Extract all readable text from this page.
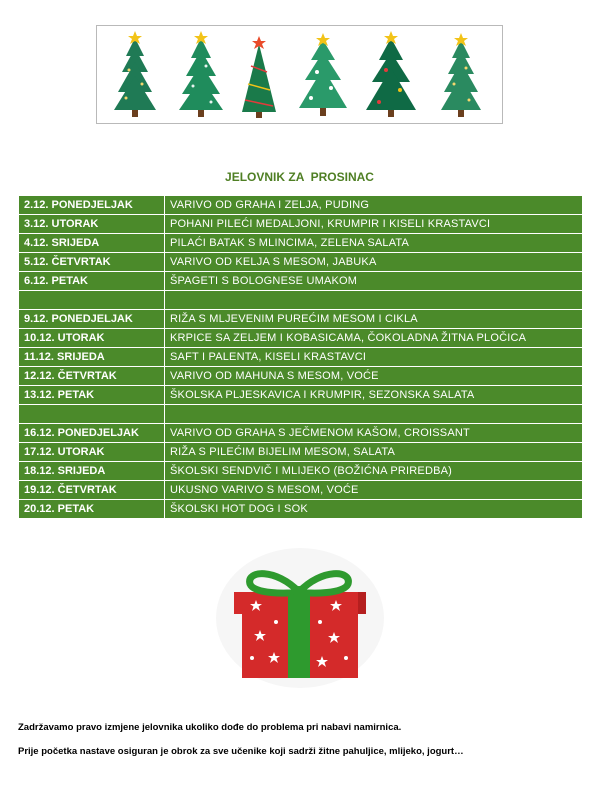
JELOVNIK ZA  PROSINAC
2.12. PONEDJELJAK	VARIVO OD GRAHA I ZELJA, PUDING
3.12. UTORAK	POHANI PILEĆI MEDALJONI, KRUMPIR I KISELI KRASTAVCI
4.12. SRIJEDA	PILAĆI BATAK S MLINCIMA, ZELENA SALATA
5.12. ČETVRTAK	VARIVO OD KELJA S MESOM, JABUKA
6.12. PETAK	ŠPAGETI S BOLOGNESE UMAKOM

9.12. PONEDJELJAK	RIŽA S MLJEVENIM PUREĆIM MESOM I CIKLA
10.12. UTORAK	KRPICE SA ZELJEM I KOBASICAMA, ČOKOLADNA ŽITNA PLOČICA
11.12. SRIJEDA	SAFT I PALENTA, KISELI KRASTAVCI
12.12. ČETVRTAK	VARIVO OD MAHUNA S MESOM, VOĆE
13.12. PETAK	ŠKOLSKA PLJESKAVICA I KRUMPIR, SEZONSKA SALATA

16.12. PONEDJELJAK	VARIVO OD GRAHA S JEČMENOM KAŠOM, CROISSANT
17.12. UTORAK	RIŽA S PILEĆIM BIJELIM MESOM, SALATA
18.12. SRIJEDA	ŠKOLSKI SENDVIČ I MLIJEKO (BOŽIĆNA PRIREDBA)
19.12. ČETVRTAK	UKUSNO VARIVO S MESOM, VOĆE
20.12. PETAK	ŠKOLSKI HOT DOG I SOK

Zadržavamo pravo izmjene jelovnika ukoliko dođe do problema pri nabavi namirnica.

Prije početka nastave osiguran je obrok za sve učenike koji sadrži žitne pahuljice, mlijeko, jogurt…
